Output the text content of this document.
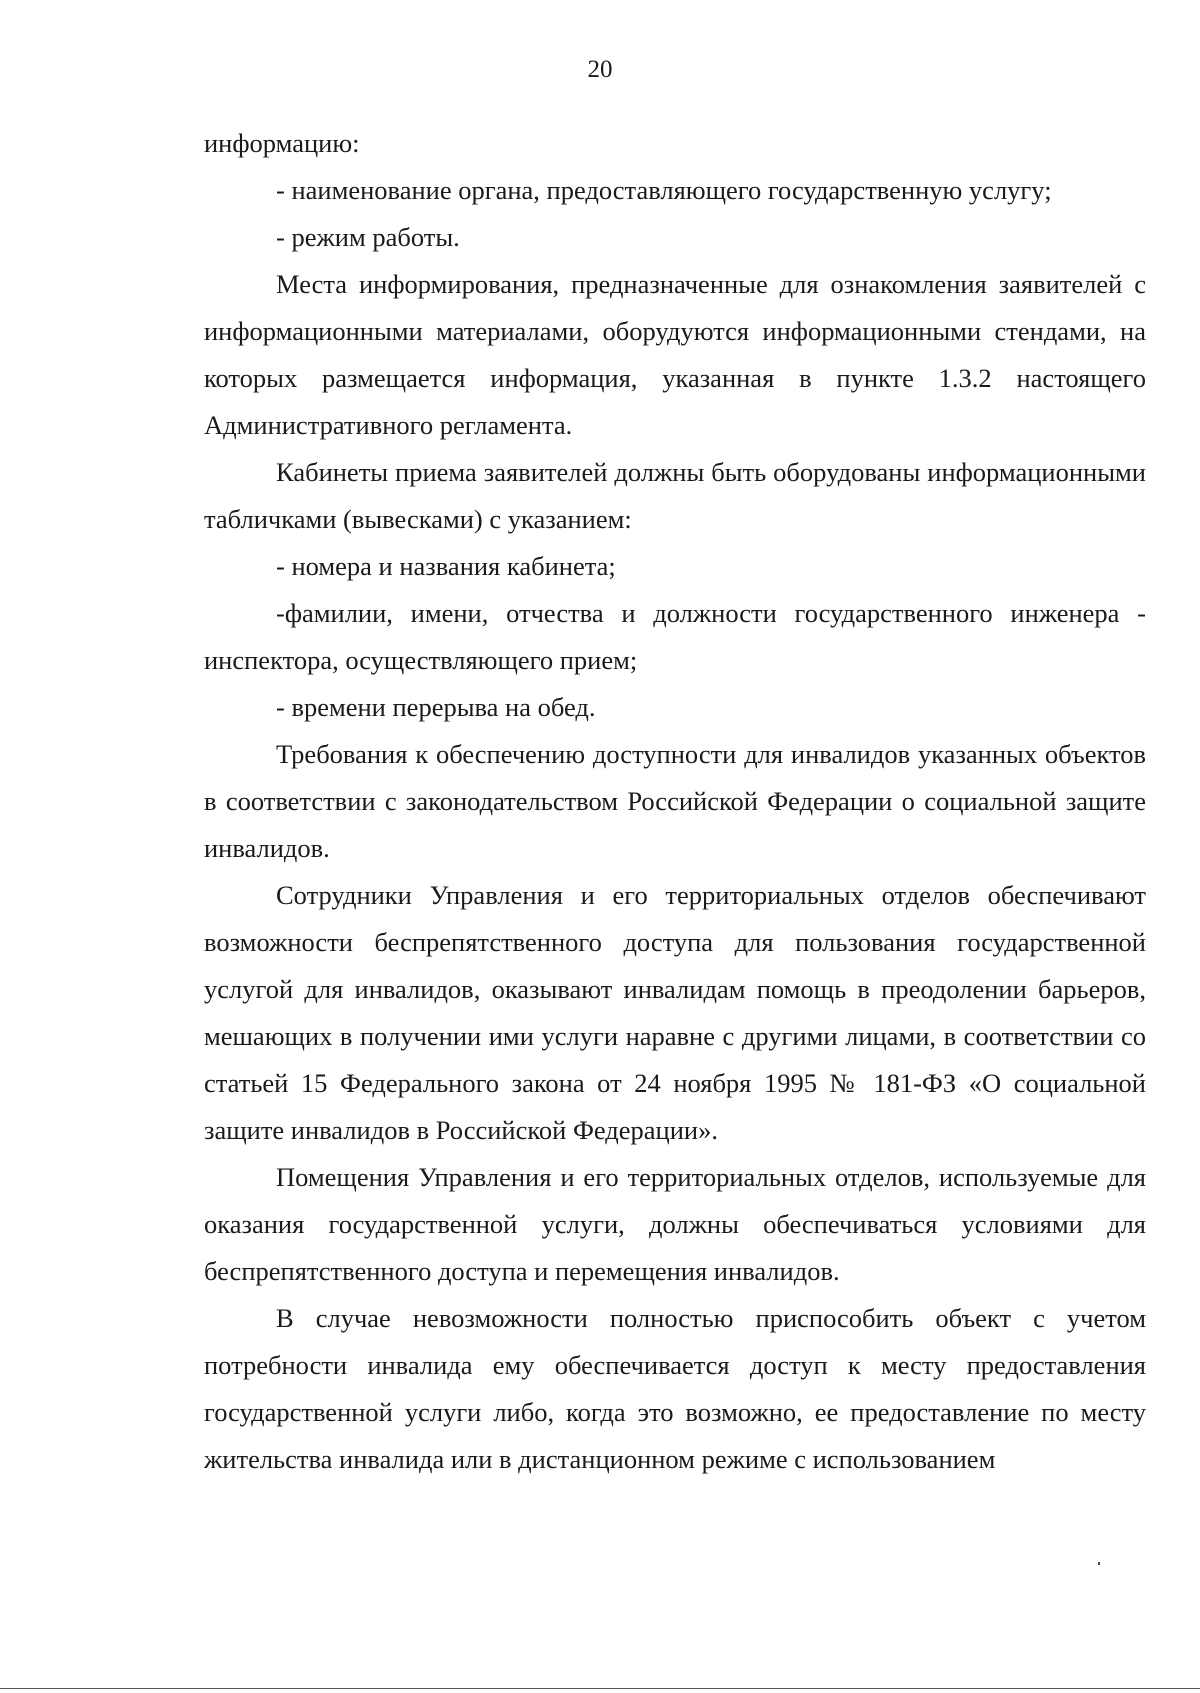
20

информацию:

- наименование органа, предоставляющего государственную услугу;

- режим работы.

Места информирования, предназначенные для ознакомления заявителей с информационными материалами, оборудуются информационными стендами, на которых размещается информация, указанная в пункте 1.3.2 настоящего Административного регламента.

Кабинеты приема заявителей должны быть оборудованы информационными табличками (вывесками) с указанием:

- номера и названия кабинета;

-фамилии, имени, отчества и должности государственного инженера - инспектора, осуществляющего прием;

- времени перерыва на обед.

Требования к обеспечению доступности для инвалидов указанных объектов в соответствии с законодательством Российской Федерации о социальной защите инвалидов.

Сотрудники Управления и его территориальных отделов обеспечивают возможности беспрепятственного доступа для пользования государственной услугой для инвалидов, оказывают инвалидам помощь в преодолении барьеров, мешающих в получении ими услуги наравне с другими лицами, в соответствии со статьей 15 Федерального закона от 24 ноября 1995 № 181-ФЗ «О социальной защите инвалидов в Российской Федерации».

Помещения Управления и его территориальных отделов, используемые для оказания государственной услуги, должны обеспечиваться условиями для беспрепятственного доступа и перемещения инвалидов.

В случае невозможности полностью приспособить объект с учетом потребности инвалида ему обеспечивается доступ к месту предоставления государственной услуги либо, когда это возможно, ее предоставление по месту жительства инвалида или в дистанционном режиме с использованием
